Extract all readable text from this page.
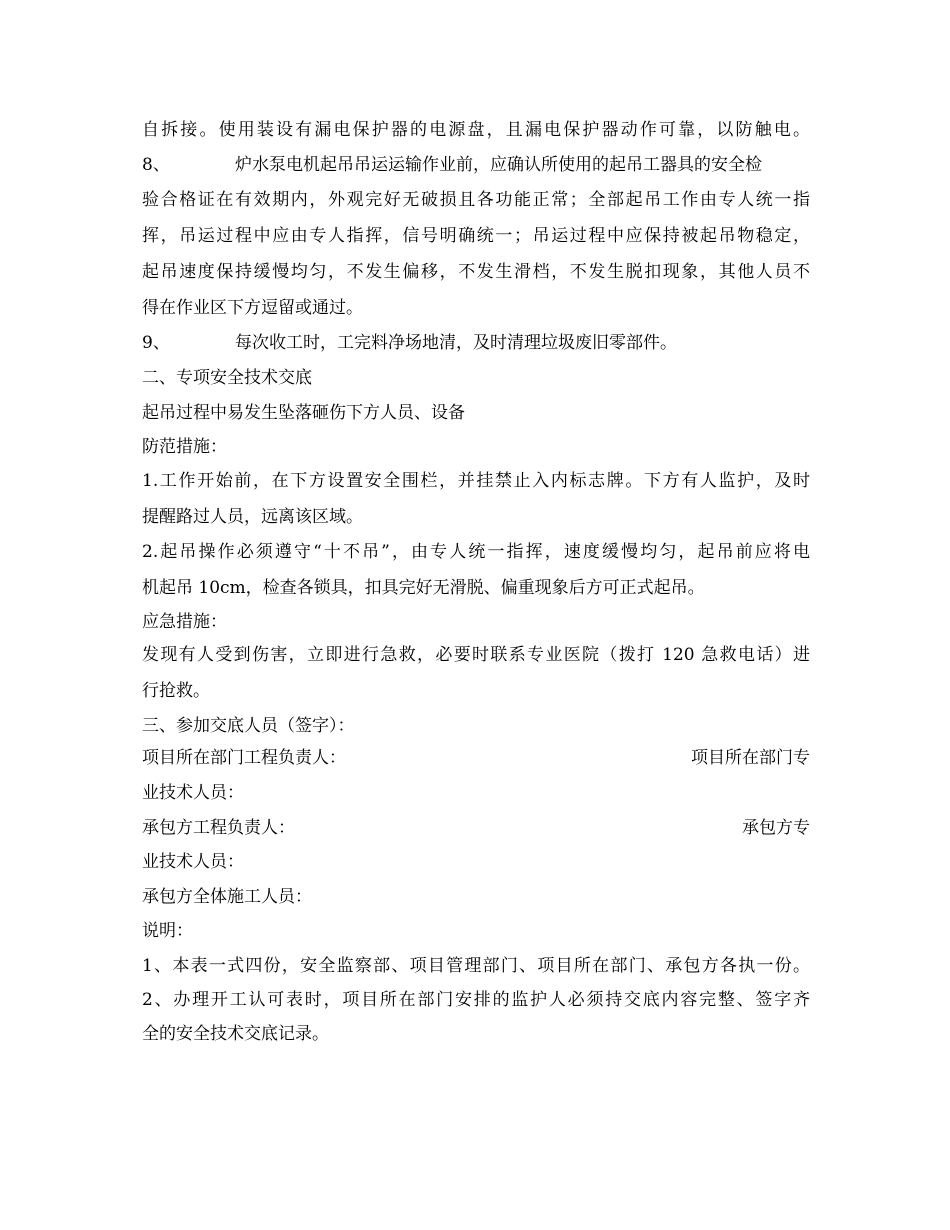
自拆接。使用装设有漏电保护器的电源盘，且漏电保护器动作可靠，以防触电。
8、	炉水泵电机起吊吊运运输作业前，应确认所使用的起吊工器具的安全检
验合格证在有效期内，外观完好无破损且各功能正常；全部起吊工作由专人统一指
挥，吊运过程中应由专人指挥，信号明确统一；吊运过程中应保持被起吊物稳定，
起吊速度保持缓慢均匀，不发生偏移，不发生滑档，不发生脱扣现象，其他人员不
得在作业区下方逗留或通过。
9、	每次收工时，工完料净场地清，及时清理垃圾废旧零部件。
二、专项安全技术交底
起吊过程中易发生坠落砸伤下方人员、设备
防范措施：
1.工作开始前，在下方设置安全围栏，并挂禁止入内标志牌。下方有人监护，及时
提醒路过人员，远离该区域。
2.起吊操作必须遵守“十不吊”，由专人统一指挥，速度缓慢均匀，起吊前应将电
机起吊 10cm，检查各锁具，扣具完好无滑脱、偏重现象后方可正式起吊。
应急措施：
发现有人受到伤害，立即进行急救，必要时联系专业医院（拨打 120 急救电话）进
行抢救。
三、参加交底人员（签字）：
项目所在部门工程负责人：	项目所在部门专
业技术人员：
承包方工程负责人：	承包方专
业技术人员：
承包方全体施工人员：
说明：
1、本表一式四份，安全监察部、项目管理部门、项目所在部门、承包方各执一份。
2、办理开工认可表时，项目所在部门安排的监护人必须持交底内容完整、签字齐
全的安全技术交底记录。
